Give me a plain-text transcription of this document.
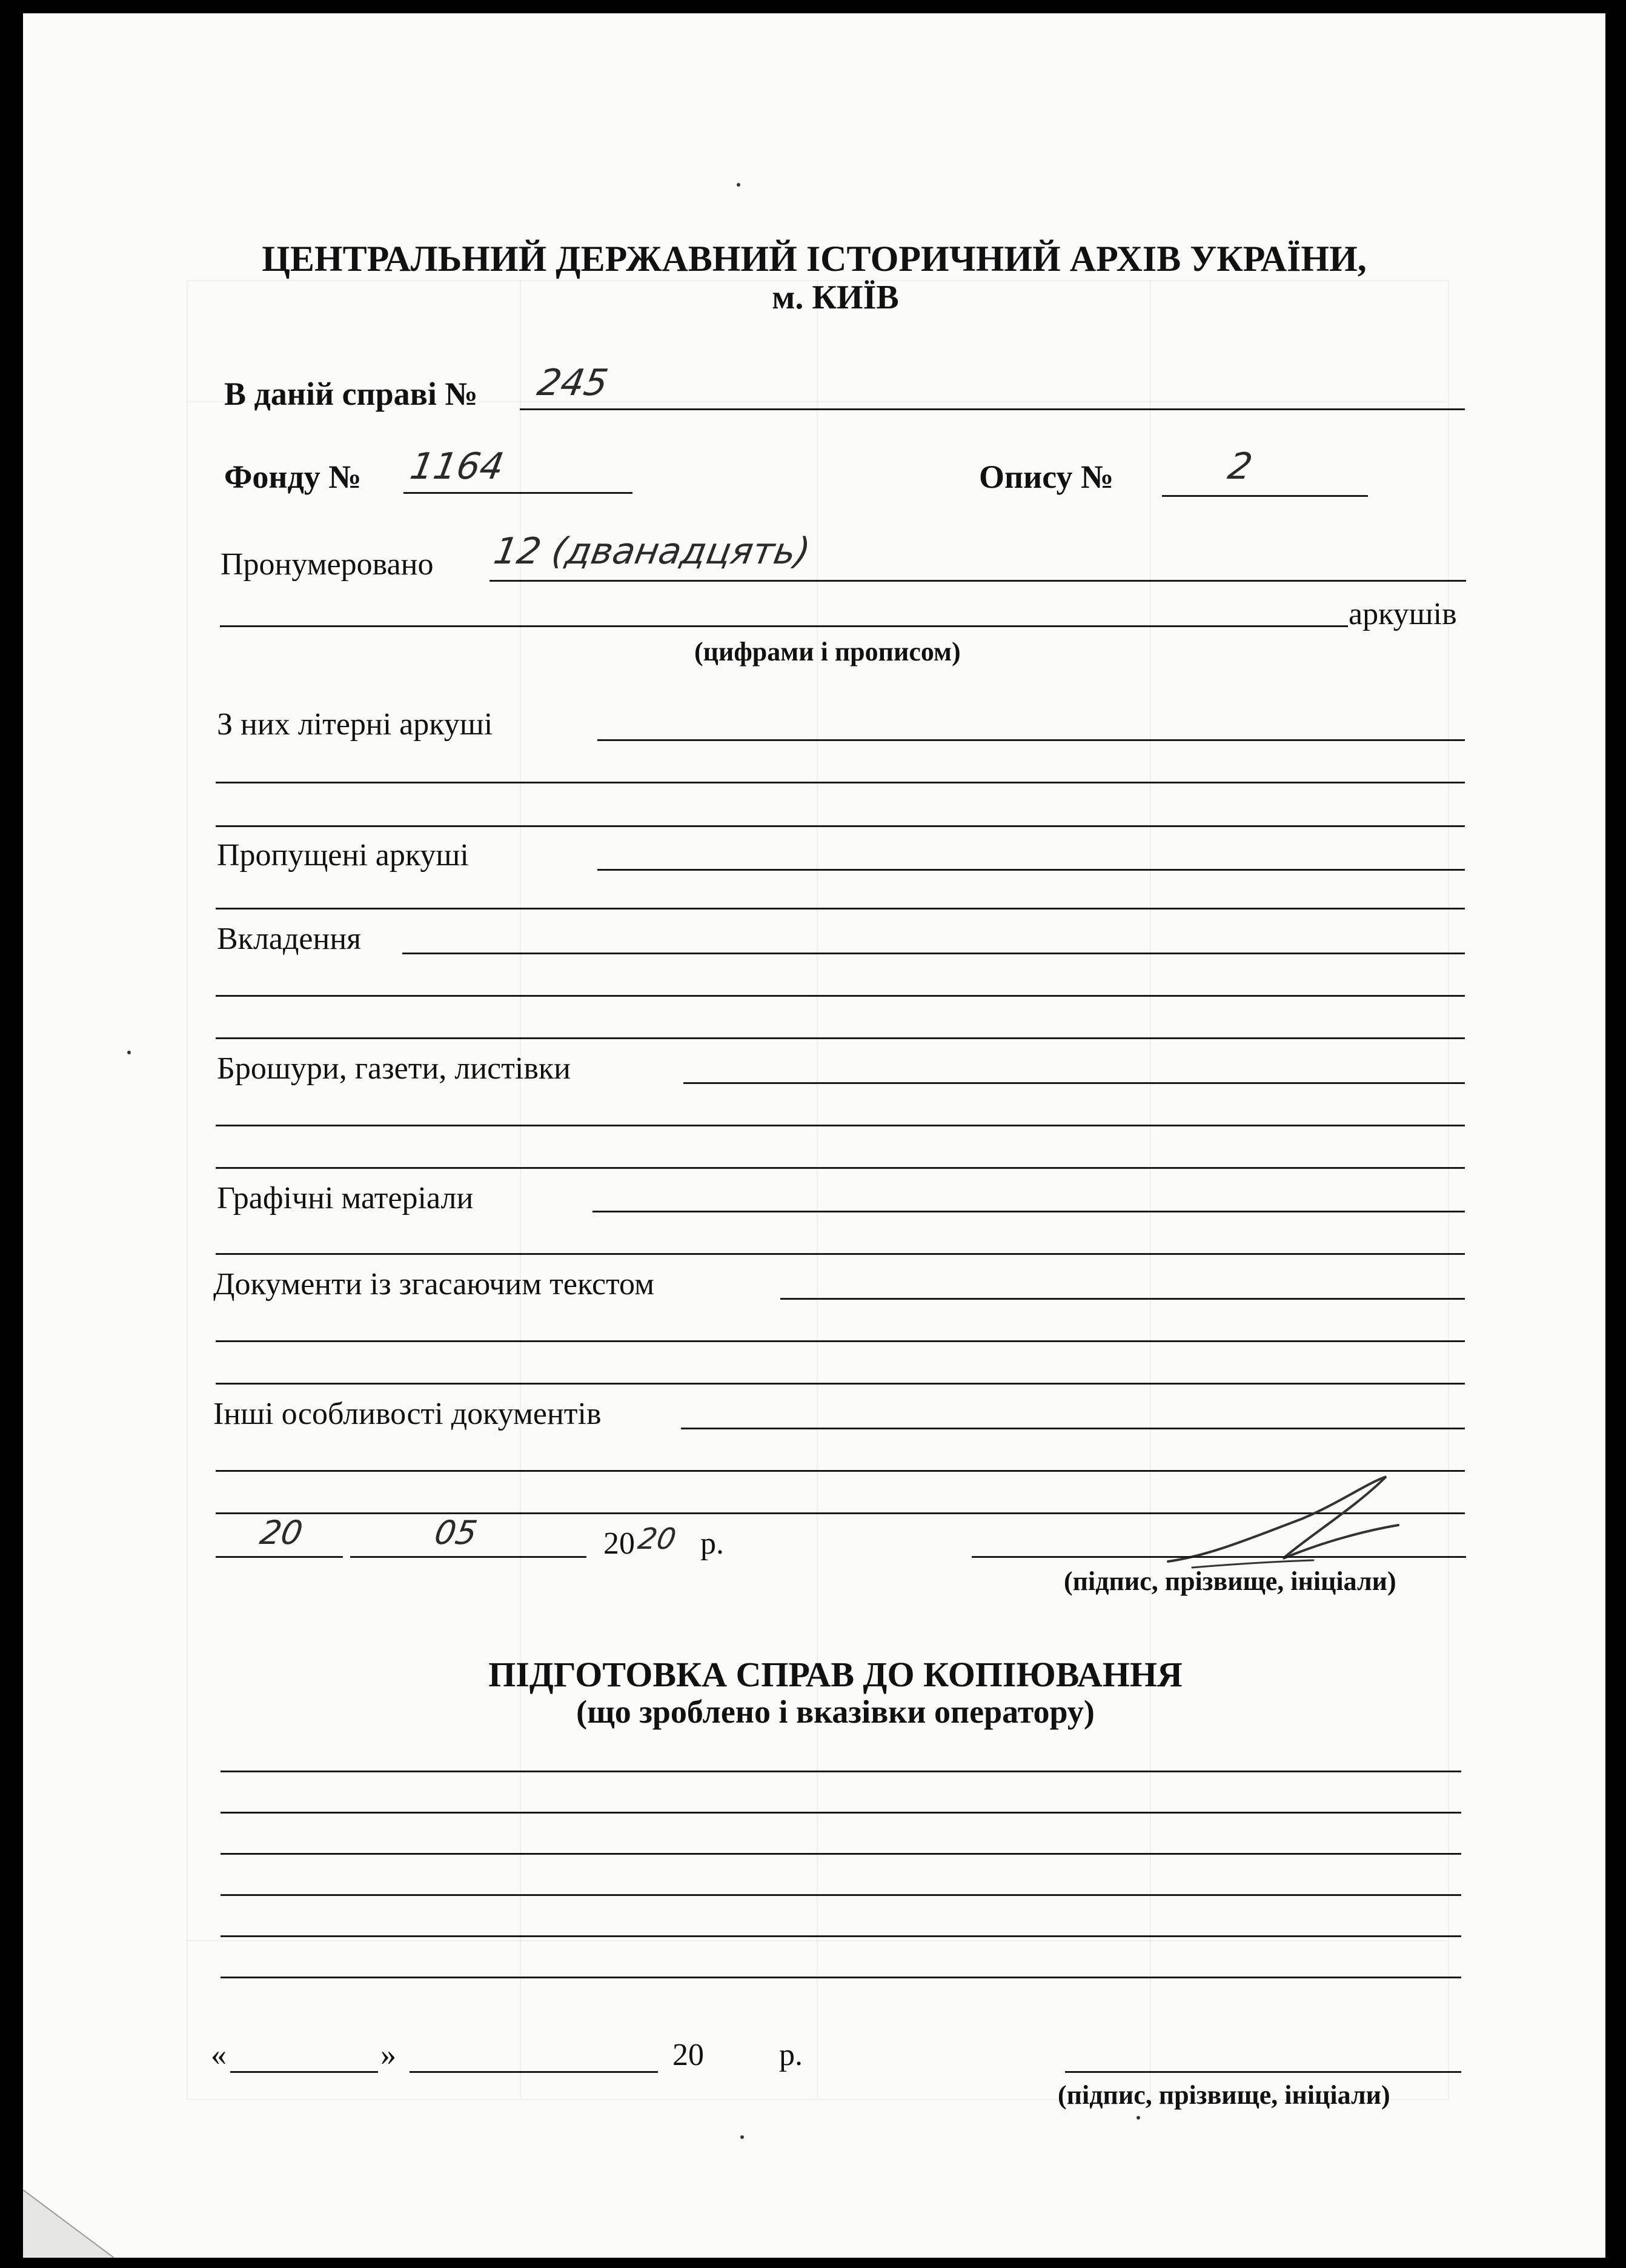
ЦЕНТРАЛЬНИЙ ДЕРЖАВНИЙ ІСТОРИЧНИЙ АРХІВ УКРАЇНИ,
м. КИЇВ
В даній справі № 245
Фонду № 1164	Опису №	2
Пронумеровано 12 (дванадцять)
аркушів
(цифрами і прописом)
З них літерні аркуші
Пропущені аркуші
Вкладення
Брошури, газети, листівки
Графічні матеріали
Документи із згасаючим текстом
Інші особливості документів
20	05	20 20 р.
(підпис, прізвище, ініціали)
ПІДГОТОВКА СПРАВ ДО КОПІЮВАННЯ
(що зроблено і вказівки оператору)
«	»	20 р.
(підпис, прізвище, ініціали)
